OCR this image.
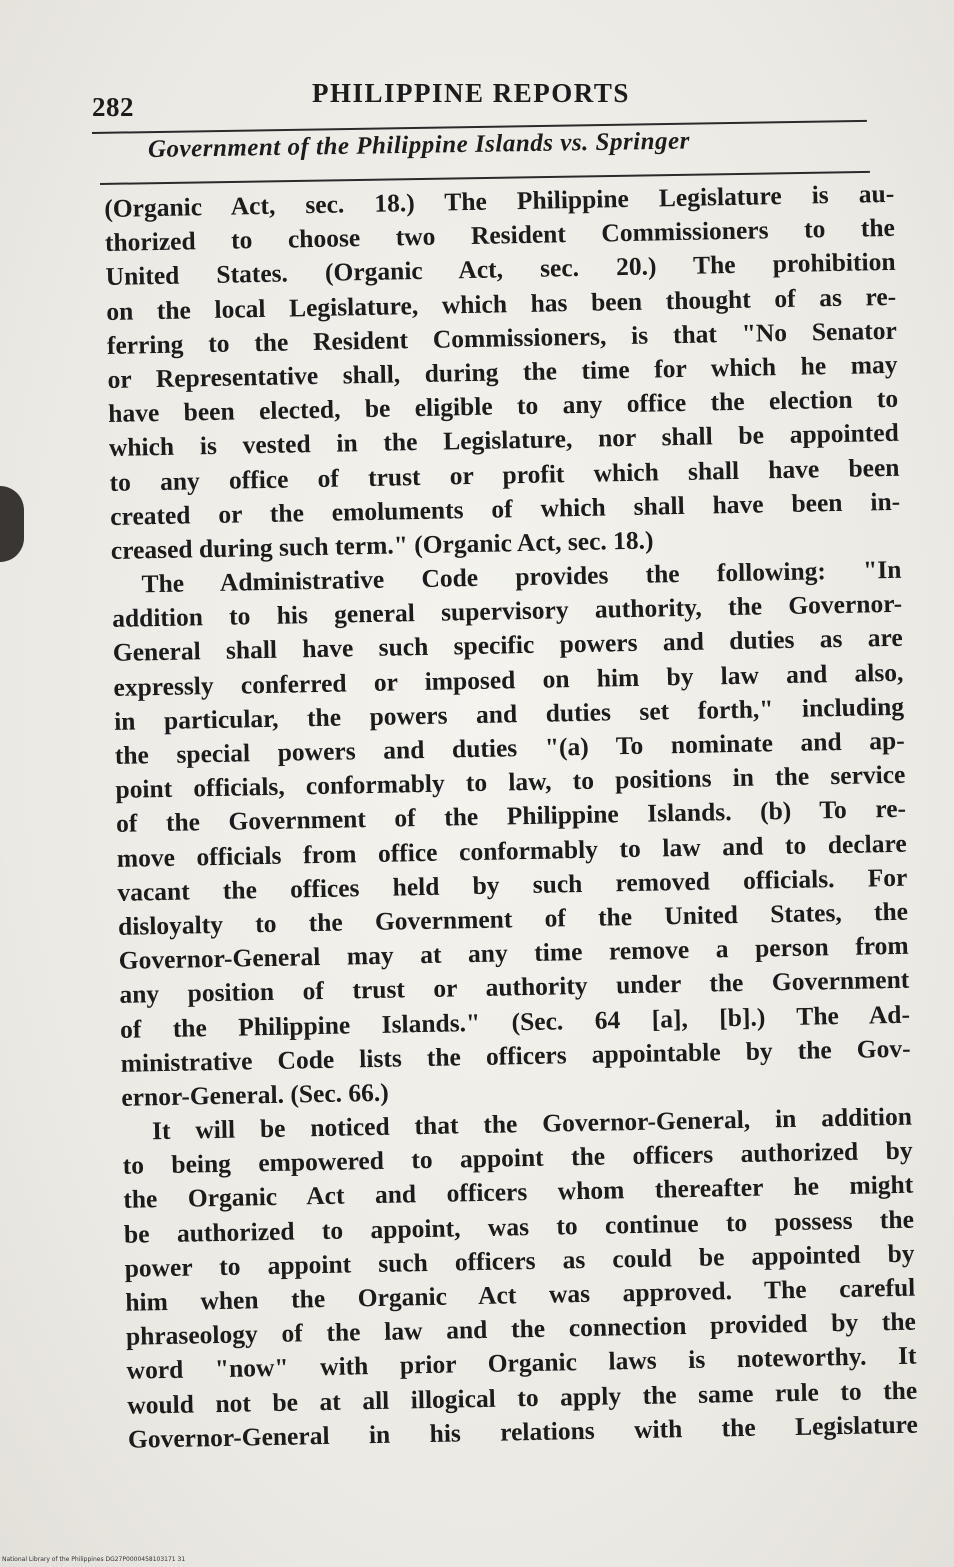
282	PHILIPPINE REPORTS
Government of the Philippine Islands vs. Springer
(Organic Act, sec. 18.) The Philippine Legislature is au-
thorized to choose two Resident Commissioners to the
United States. (Organic Act, sec. 20.) The prohibition
on the local Legislature, which has been thought of as re-
ferring to the Resident Commissioners, is that "No Senator
or Representative shall, during the time for which he may
have been elected, be eligible to any office the election to
which is vested in the Legislature, nor shall be appointed
to any office of trust or profit which shall have been
created or the emoluments of which shall have been in-
creased during such term." (Organic Act, sec. 18.)
The Administrative Code provides the following: "In
addition to his general supervisory authority, the Governor-
General shall have such specific powers and duties as are
expressly conferred or imposed on him by law and also,
in particular, the powers and duties set forth," including
the special powers and duties "(a) To nominate and ap-
point officials, conformably to law, to positions in the service
of the Government of the Philippine Islands. (b) To re-
move officials from office conformably to law and to declare
vacant the offices held by such removed officials. For
disloyalty to the Government of the United States, the
Governor-General may at any time remove a person from
any position of trust or authority under the Government
of the Philippine Islands." (Sec. 64 [a], [b].) The Ad-
ministrative Code lists the officers appointable by the Gov-
ernor-General. (Sec. 66.)
It will be noticed that the Governor-General, in addition
to being empowered to appoint the officers authorized by
the Organic Act and officers whom thereafter he might
be authorized to appoint, was to continue to possess the
power to appoint such officers as could be appointed by
him when the Organic Act was approved. The careful
phraseology of the law and the connection provided by the
word "now" with prior Organic laws is noteworthy. It
would not be at all illogical to apply the same rule to the
Governor-General in his relations with the Legislature
National Library of the Philippines DG27P0000458103171 31
